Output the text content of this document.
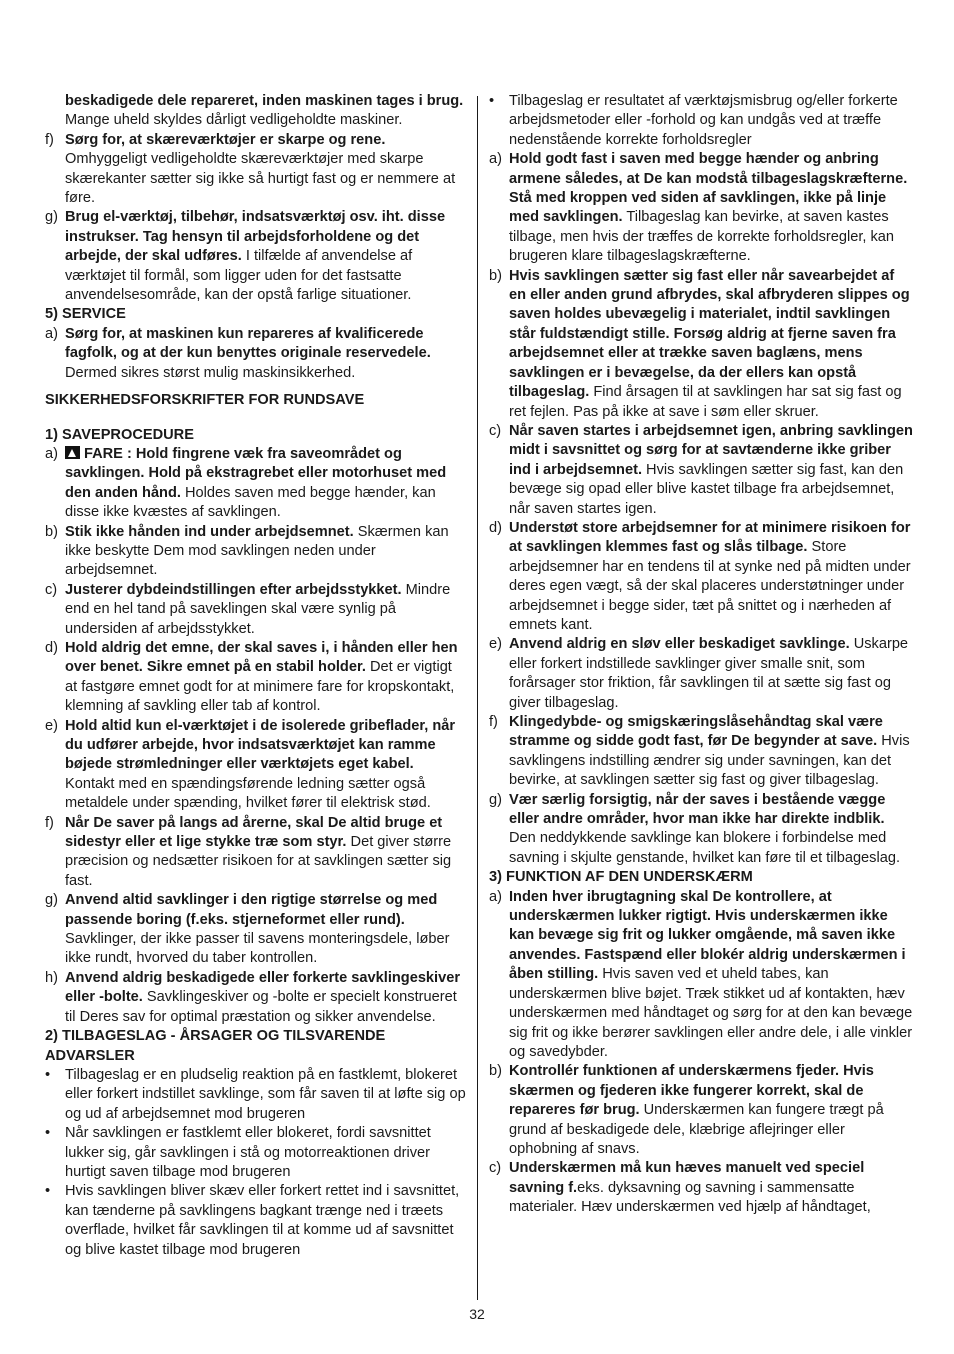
beskadigede dele repareret, inden maskinen tages i brug. Mange uheld skyldes dårligt vedligeholdte maskiner.
f) Sørg for, at skæreværktøjer er skarpe og rene. Omhyggeligt vedligeholdte skæreværktøjer med skarpe skærekanter sætter sig ikke så hurtigt fast og er nemmere at føre.
g) Brug el-værktøj, tilbehør, indsatsværktøj osv. iht. disse instrukser. Tag hensyn til arbejdsforholdene og det arbejde, der skal udføres. I tilfælde af anvendelse af værktøjet til formål, som ligger uden for det fastsatte anvendelsesområde, kan der opstå farlige situationer.
5) SERVICE
a) Sørg for, at maskinen kun repareres af kvalificerede fagfolk, og at der kun benyttes originale reservedele. Dermed sikres størst mulig maskinsikkerhed.
SIKKERHEDSFORSKRIFTER FOR RUNDSAVE
1) SAVEPROCEDURE
a)	FARE : Hold fingrene væk fra saveområdet og savklingen. Hold på ekstragrebet eller motorhuset med den anden hånd. Holdes saven med begge hænder, kan disse ikke kvæstes af savklingen.
b) Stik ikke hånden ind under arbejdsemnet. Skærmen kan ikke beskytte Dem mod savklingen neden under arbejdsemnet.
c) Justerer dybdeindstillingen efter arbejdsstykket. Mindre end en hel tand på saveklingen skal være synlig på undersiden af arbejdsstykket.
d) Hold aldrig det emne, der skal saves i, i hånden eller hen over benet. Sikre emnet på en stabil holder. Det er vigtigt at fastgøre emnet godt for at minimere fare for kropskontakt, klemning af savkling eller tab af kontrol.
e) Hold altid kun el-værktøjet i de isolerede gribeflader, når du udfører arbejde, hvor indsatsværktøjet kan ramme bøjede strømledninger eller værktøjets eget kabel. Kontakt med en spændingsførende ledning sætter også metaldele under spænding, hvilket fører til elektrisk stød.
f) Når De saver på langs ad årerne, skal De altid bruge et sidestyr eller et lige stykke træ som styr. Det giver større præcision og nedsætter risikoen for at savklingen sætter sig fast.
g) Anvend altid savklinger i den rigtige størrelse og med passende boring (f.eks. stjerneformet eller rund). Savklinger, der ikke passer til savens monteringsdele, løber ikke rundt, hvorved du taber kontrollen.
h) Anvend aldrig beskadigede eller forkerte savklingeskiver eller -bolte. Savklingeskiver og -bolte er specielt konstrueret til Deres sav for optimal præstation og sikker anvendelse.
2) TILBAGESLAG - ÅRSAGER OG TILSVARENDE ADVARSLER
•	Tilbageslag er en pludselig reaktion på en fastklemt, blokeret eller forkert indstillet savklinge, som får saven til at løfte sig op og ud af arbejdsemnet mod brugeren
•	Når savklingen er fastklemt eller blokeret, fordi savsnittet lukker sig, går savklingen i stå og motorreaktionen driver hurtigt saven tilbage mod brugeren
•	Hvis savklingen bliver skæv eller forkert rettet ind i savsnittet, kan tænderne på savklingens bagkant trænge ned i træets overflade, hvilket får savklingen til at komme ud af savsnittet og blive kastet tilbage mod brugeren
•	Tilbageslag er resultatet af værktøjsmisbrug og/eller forkerte arbejdsmetoder eller -forhold og kan undgås ved at træffe nedenstående korrekte forholdsregler
a) Hold godt fast i saven med begge hænder og anbring armene således, at De kan modstå tilbageslagskræfterne. Stå med kroppen ved siden af savklingen, ikke på linje med savklingen. Tilbageslag kan bevirke, at saven kastes tilbage, men hvis der træffes de korrekte forholdsregler, kan brugeren klare tilbageslagskræfterne.
b) Hvis savklingen sætter sig fast eller når savearbejdet af en eller anden grund afbrydes, skal afbryderen slippes og saven holdes ubevægelig i materialet, indtil savklingen står fuldstændigt stille. Forsøg aldrig at fjerne saven fra arbejdsemnet eller at trække saven baglæns, mens savklingen er i bevægelse, da der ellers kan opstå tilbageslag. Find årsagen til at savklingen har sat sig fast og ret fejlen. Pas på ikke at save i søm eller skruer.
c) Når saven startes i arbejdsemnet igen, anbring savklingen midt i savsnittet og sørg for at savtænderne ikke griber ind i arbejdsemnet. Hvis savklingen sætter sig fast, kan den bevæge sig opad eller blive kastet tilbage fra arbejdsemnet, når saven startes igen.
d) Understøt store arbejdsemner for at minimere risikoen for at savklingen klemmes fast og slås tilbage. Store arbejdsemner har en tendens til at synke ned på midten under deres egen vægt, så der skal placeres understøtninger under arbejdsemnet i begge sider, tæt på snittet og i nærheden af emnets kant.
e) Anvend aldrig en sløv eller beskadiget savklinge. Uskarpe eller forkert indstillede savklinger giver smalle snit, som forårsager stor friktion, får savklingen til at sætte sig fast og giver tilbageslag.
f) Klingedybde- og smigskæringslåsehåndtag skal være stramme og sidde godt fast, før De begynder at save. Hvis savklingens indstilling ændrer sig under savningen, kan det bevirke, at savklingen sætter sig fast og giver tilbageslag.
g) Vær særlig forsigtig, når der saves i bestående vægge eller andre områder, hvor man ikke har direkte indblik. Den neddykkende savklinge kan blokere i forbindelse med savning i skjulte genstande, hvilket kan føre til et tilbageslag.
3) FUNKTION AF DEN UNDERSKÆRM
a) Inden hver ibrugtagning skal De kontrollere, at underskærmen lukker rigtigt. Hvis underskærmen ikke kan bevæge sig frit og lukker omgående, må saven ikke anvendes. Fastspænd eller blokér aldrig underskærmen i åben stilling. Hvis saven ved et uheld tabes, kan underskærmen blive bøjet. Træk stikket ud af kontakten, hæv underskærmen med håndtaget og sørg for at den kan bevæge sig frit og ikke berører savklingen eller andre dele, i alle vinkler og savedybder.
b) Kontrollér funktionen af underskærmens fjeder. Hvis skærmen og fjederen ikke fungerer korrekt, skal de repareres før brug. Underskærmen kan fungere trægt på grund af beskadigede dele, klæbrige aflejringer eller ophobning af snavs.
c) Underskærmen må kun hæves manuelt ved speciel savning f.eks. dyksavning og savning i sammensatte materialer. Hæv underskærmen ved hjælp af håndtaget,
32
